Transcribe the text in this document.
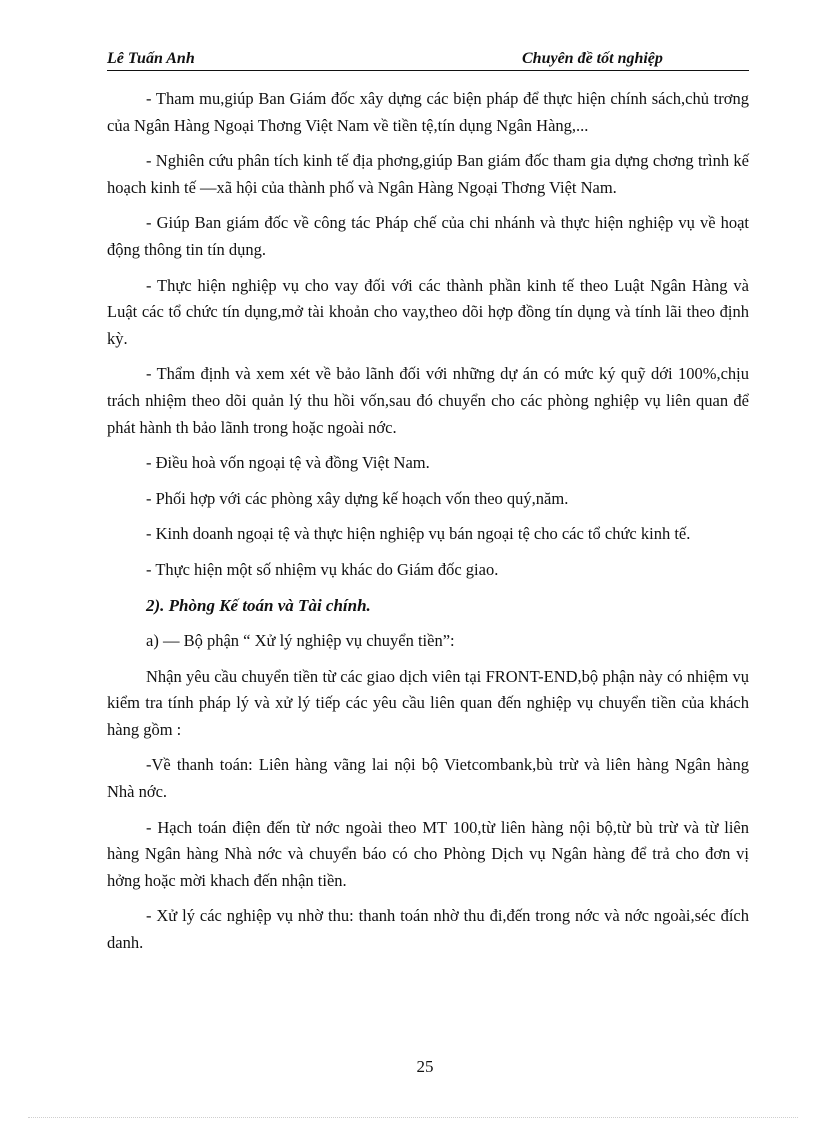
Lê Tuấn Anh	Chuyên đề tốt nghiệp

- Tham mu,giúp Ban Giám đốc xây dựng các biện pháp để thực hiện chính sách,chủ trơng của Ngân Hàng Ngoại Thơng Việt Nam về tiền tệ,tín dụng Ngân Hàng,...

- Nghiên cứu phân tích kinh tế địa phơng,giúp Ban giám đốc tham gia dựng chơng trình kế hoạch kinh tế —xã hội của thành phố và Ngân Hàng Ngoại Thơng Việt Nam.

- Giúp Ban giám đốc về công tác Pháp chế của chi nhánh và thực hiện nghiệp vụ về hoạt động thông tin tín dụng.

- Thực hiện nghiệp vụ cho vay đối với các thành phần kinh tế theo Luật Ngân Hàng và Luật các tổ chức tín dụng,mở tài khoản cho vay,theo dõi hợp đồng tín dụng và tính lãi theo định kỳ.

- Thẩm định và xem xét về bảo lãnh đối với những dự án có mức ký quỹ dới 100%,chịu trách nhiệm theo dõi quản lý thu hồi vốn,sau đó chuyển cho các phòng nghiệp vụ liên quan để phát hành th bảo lãnh trong hoặc ngoài nớc.

- Điều hoà vốn ngoại tệ và đồng Việt Nam.

- Phối hợp với các phòng xây dựng kế hoạch vốn theo quý,năm.

- Kinh doanh ngoại tệ và thực hiện nghiệp vụ bán ngoại tệ cho các tổ chức kinh tế.

- Thực hiện một số nhiệm vụ khác do Giám đốc giao.

2). Phòng Kế toán và Tài chính.

a) — Bộ phận “ Xử lý nghiệp vụ chuyển tiền”:

Nhận yêu cầu chuyển tiền từ các giao dịch viên tại FRONT-END,bộ phận này có nhiệm vụ kiểm tra tính pháp lý và xử lý tiếp các yêu cầu liên quan đến nghiệp vụ chuyển tiền của khách hàng gồm :

-Về thanh toán: Liên hàng vãng lai nội bộ Vietcombank,bù trừ và liên hàng Ngân hàng Nhà nớc.

- Hạch toán điện đến từ nớc ngoài theo MT 100,từ liên hàng nội bộ,từ bù trừ và từ liên hàng Ngân hàng Nhà nớc và chuyển báo có cho Phòng Dịch vụ Ngân hàng để trả cho đơn vị hởng hoặc mời khach đến nhận tiền.

- Xử lý các nghiệp vụ nhờ thu: thanh toán nhờ thu đi,đến trong nớc và nớc ngoài,séc đích danh.

25
